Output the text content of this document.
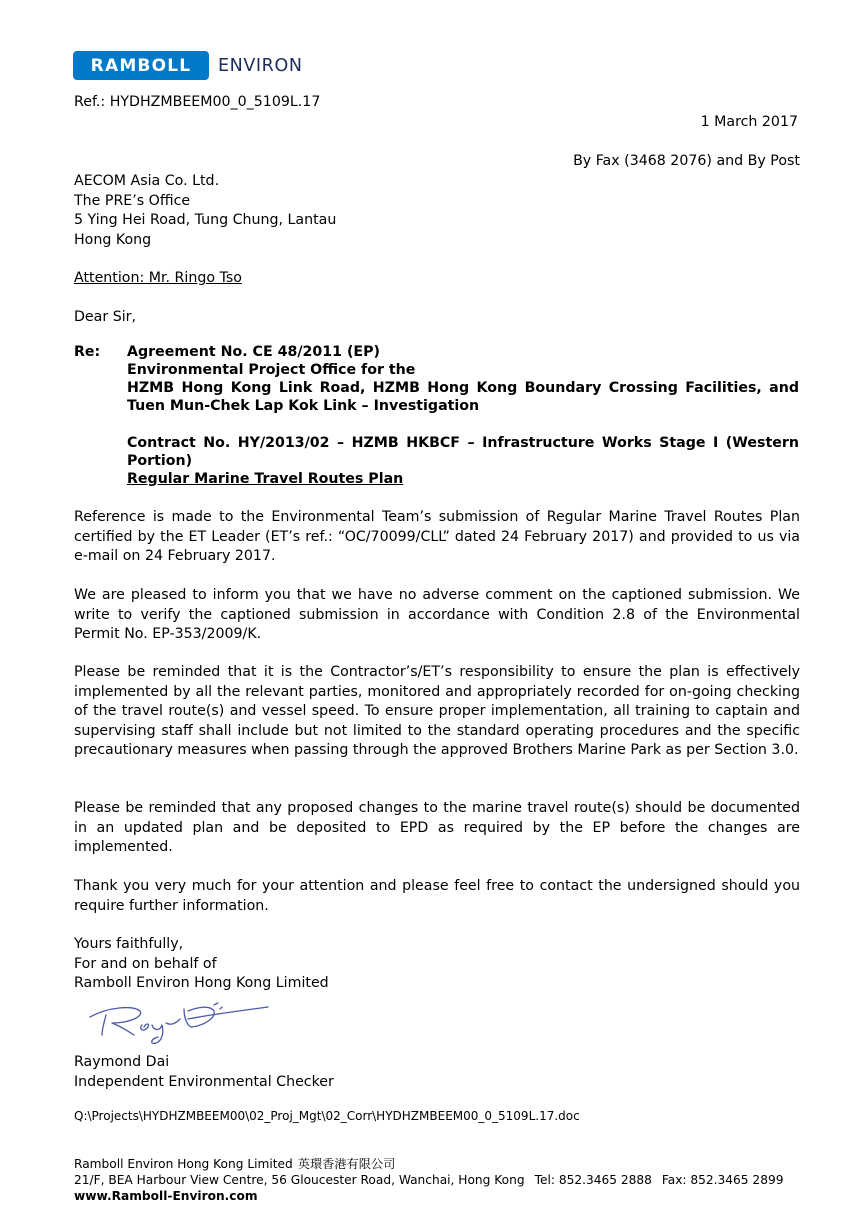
RAMBOLL	ENVIRON
Ref.: HYDHZMBEEM00_0_5109L.17
1 March 2017
By Fax (3468 2076) and By Post
AECOM Asia Co. Ltd.
The PRE’s Office
5 Ying Hei Road, Tung Chung, Lantau
Hong Kong
Attention: Mr. Ringo Tso
Dear Sir,
Re: Agreement No. CE 48/2011 (EP)
Environmental Project Office for the
HZMB Hong Kong Link Road, HZMB Hong Kong Boundary Crossing Facilities, and Tuen Mun-Chek Lap Kok Link – Investigation
Contract No. HY/2013/02 – HZMB HKBCF – Infrastructure Works Stage I (Western Portion)
Regular Marine Travel Routes Plan
Reference is made to the Environmental Team’s submission of Regular Marine Travel Routes Plan certified by the ET Leader (ET’s ref.: “OC/70099/CLL” dated 24 February 2017) and provided to us via e-mail on 24 February 2017.
We are pleased to inform you that we have no adverse comment on the captioned submission. We write to verify the captioned submission in accordance with Condition 2.8 of the Environmental Permit No. EP-353/2009/K.
Please be reminded that it is the Contractor’s/ET’s responsibility to ensure the plan is effectively implemented by all the relevant parties, monitored and appropriately recorded for on-going checking of the travel route(s) and vessel speed. To ensure proper implementation, all training to captain and supervising staff shall include but not limited to the standard operating procedures and the specific precautionary measures when passing through the approved Brothers Marine Park as per Section 3.0.
Please be reminded that any proposed changes to the marine travel route(s) should be documented in an updated plan and be deposited to EPD as required by the EP before the changes are implemented.
Thank you very much for your attention and please feel free to contact the undersigned should you require further information.
Yours faithfully,
For and on behalf of
Ramboll Environ Hong Kong Limited
Raymond Dai
Independent Environmental Checker
Q:\Projects\HYDHZMBEEM00\02_Proj_Mgt\02_Corr\HYDHZMBEEM00_0_5109L.17.doc
Ramboll Environ Hong Kong Limited 英環香港有限公司
21/F, BEA Harbour View Centre, 56 Gloucester Road, Wanchai, Hong Kong Tel: 852.3465 2888 Fax: 852.3465 2899
www.Ramboll-Environ.com
